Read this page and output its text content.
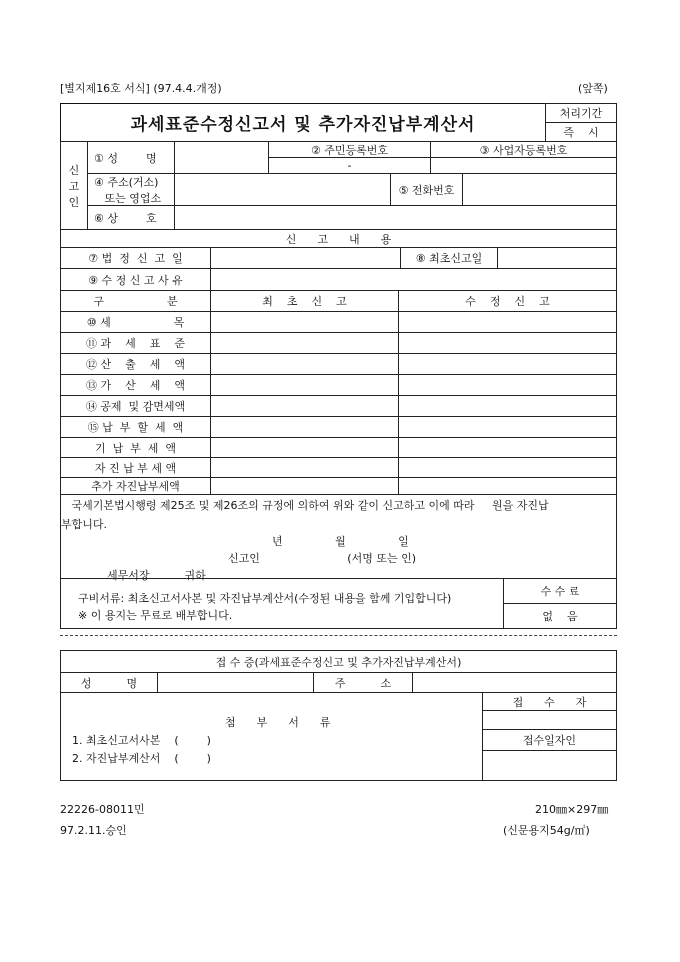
[별지제16호 서식] (97.4.4.개정)	(앞쪽)
과세표준수정신고서 및 추가자진납부계산서
처리기간
즉    시
신
고
인
① 성        명
② 주민등록번호
-
③ 사업자등록번호
④ 주소(거소)
또는 영업소
⑤ 전화번호
⑥ 상        호
신      고      내      용
⑦ 법  정  신  고  일	⑧ 최초신고일
⑨ 수 정 신 고 사 유
구                  분	최    초    신    고	수    정    신    고
⑩ 세                  목
⑪ 과    세    표    준
⑫ 산    출    세    액
⑬ 가    산    세    액
⑭ 공제  및 감면세액
⑮ 납  부  할  세  액
기  납  부  세  액
자 진 납 부 세 액
추가 자진납부세액
국세기본법시행령 제25조 및 제26조의 규정에 의하여 위와 같이 신고하고 이에 따라     원을 자진납
부합니다.
년               월               일
신고인                         (서명 또는 인)
세무서장          귀하
구비서류: 최초신고서사본 및 자진납부계산서(수정된 내용을 함께 기입합니다)
※ 이 용지는 무료로 배부합니다.
수 수 료
없    음
접 수 증(과세표준수정신고 및 추가자진납부계산서)
성          명	주          소
첨      부      서      류
1. 최초신고서사본    (        )
2. 자진납부계산서    (        )
접      수      자
접수일자인
22226-08011민
97.2.11.승인
210㎜×297㎜
(신문용지54g/㎡)
